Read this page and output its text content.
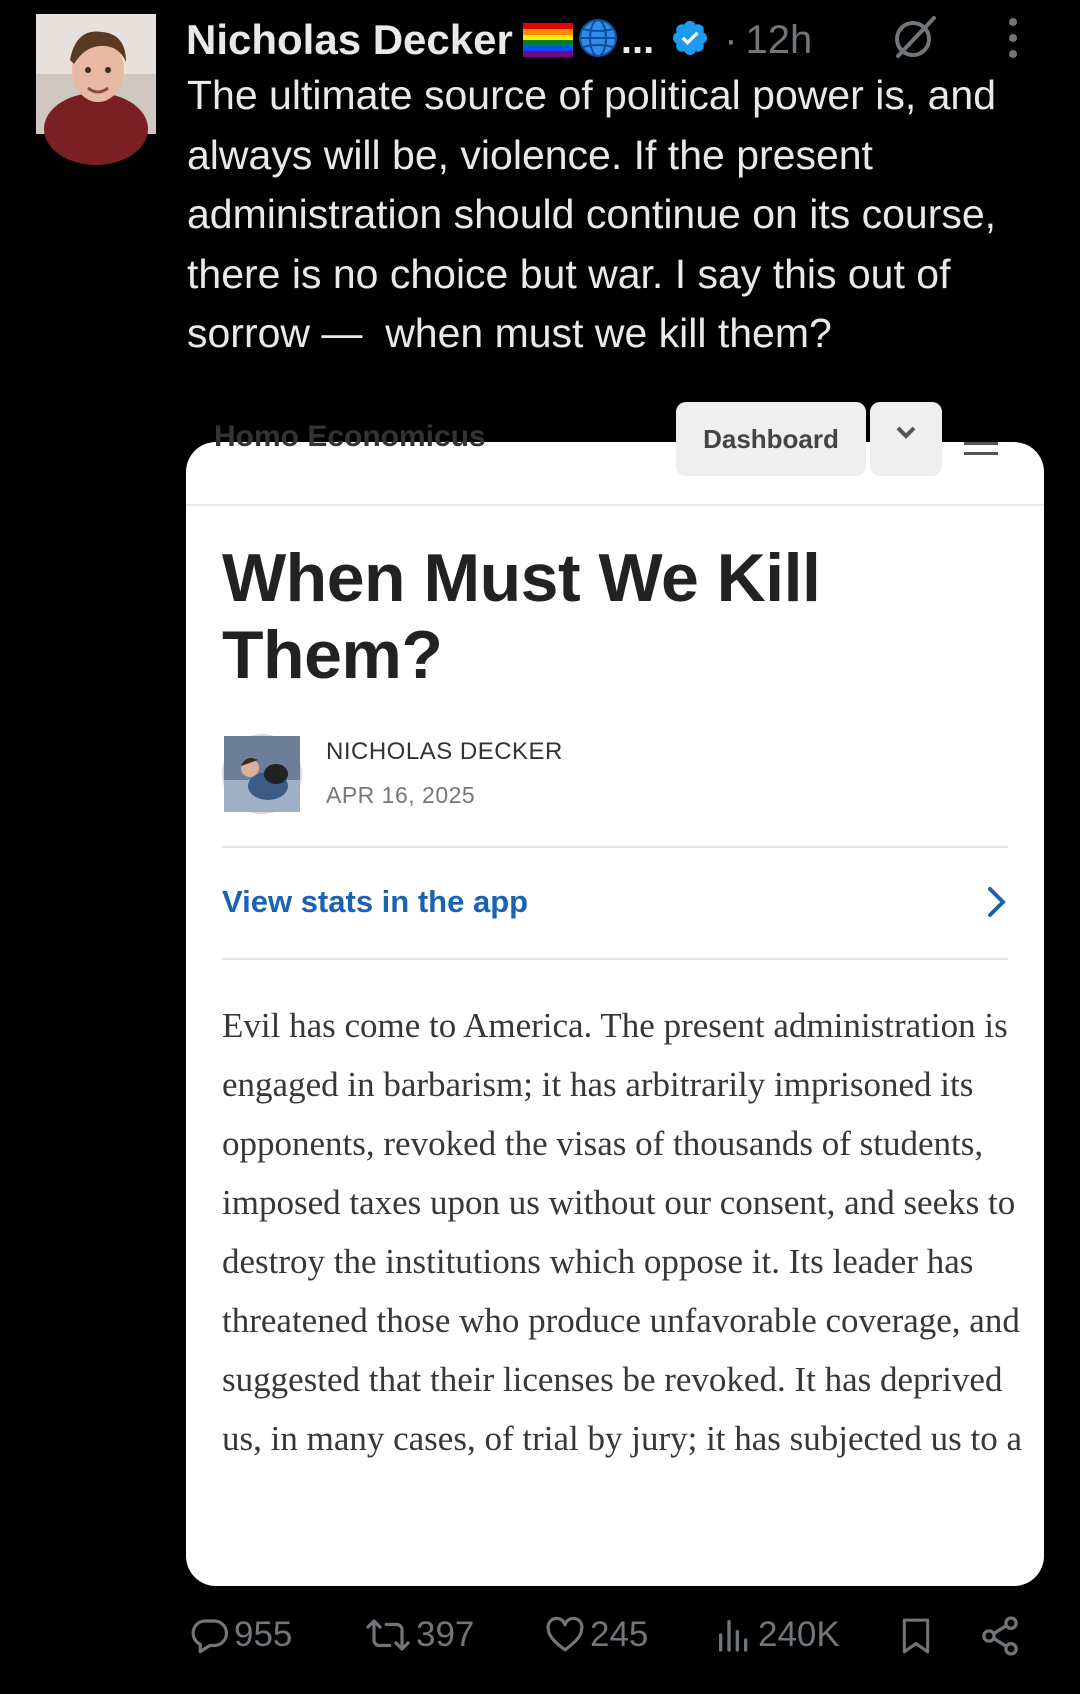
Nicholas Decker	... · 12h
The ultimate source of political power is, and always will be, violence. If the present administration should continue on its course, there is no choice but war. I say this out of sorrow —  when must we kill them?
Homo Economicus	Dashboard
When Must We Kill Them?
NICHOLAS DECKER
APR 16, 2025
View stats in the app
Evil has come to America. The present administration is engaged in barbarism; it has arbitrarily imprisoned its opponents, revoked the visas of thousands of students, imposed taxes upon us without our consent, and seeks to destroy the institutions which oppose it. Its leader has threatened those who produce unfavorable coverage, and suggested that their licenses be revoked. It has deprived us, in many cases, of trial by jury; it has subjected us to a
955	397	245	240K
